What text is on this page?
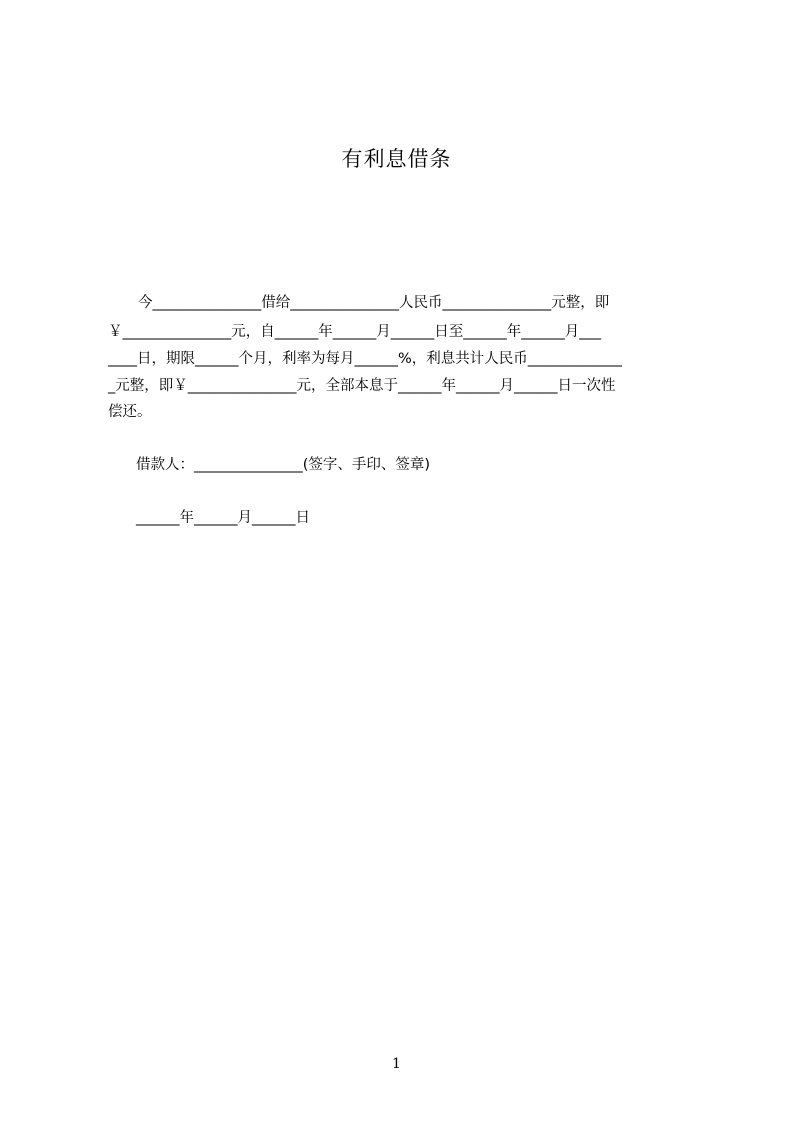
有利息借条
今_______________借给_______________人民币_______________元整，即
￥_______________元，自______年______月______日至______年______月___
____日，期限______个月，利率为每月______%，利息共计人民币_____________
_元整，即￥_______________元，全部本息于______年______月______日一次性
偿还。
借款人：_______________(签字、手印、签章)
______年______月______日
1
